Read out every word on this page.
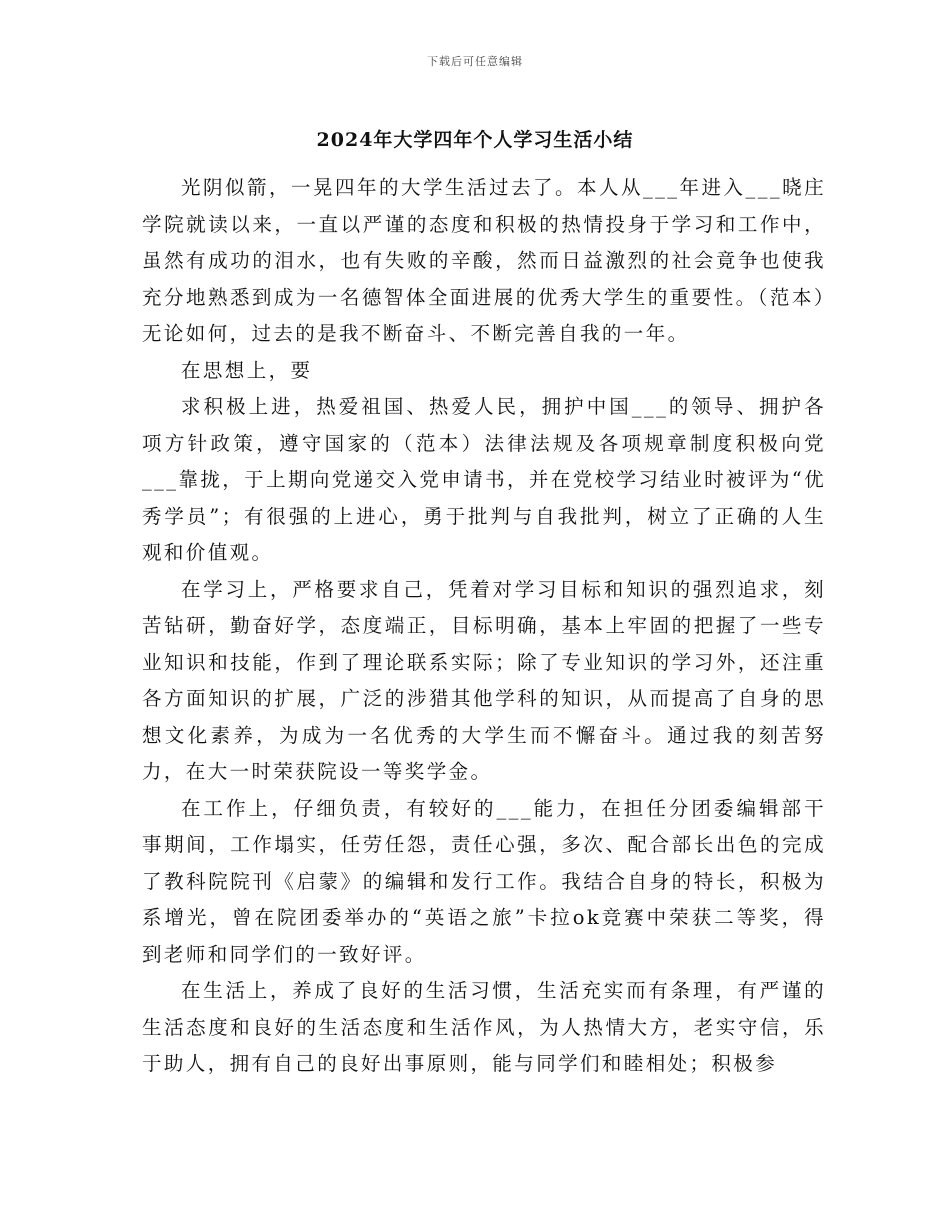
下载后可任意编辑
2024年大学四年个人学习生活小结

光阴似箭，一晃四年的大学生活过去了。本人从___年进入___晓庄学院就读以来，一直以严谨的态度和积极的热情投身于学习和工作中，虽然有成功的泪水，也有失败的辛酸，然而日益激烈的社会竟争也使我充分地熟悉到成为一名德智体全面进展的优秀大学生的重要性。（范本）无论如何，过去的是我不断奋斗、不断完善自我的一年。

在思想上，要

求积极上进，热爱祖国、热爱人民，拥护中国___的领导、拥护各项方针政策，遵守国家的（范本）法律法规及各项规章制度积极向党___靠拢，于上期向党递交入党申请书，并在党校学习结业时被评为“优秀学员”；有很强的上进心，勇于批判与自我批判，树立了正确的人生观和价值观。

在学习上，严格要求自己，凭着对学习目标和知识的强烈追求，刻苦钻研，勤奋好学，态度端正，目标明确，基本上牢固的把握了一些专业知识和技能，作到了理论联系实际；除了专业知识的学习外，还注重各方面知识的扩展，广泛的涉猎其他学科的知识，从而提高了自身的思想文化素养，为成为一名优秀的大学生而不懈奋斗。通过我的刻苦努力，在大一时荣获院设一等奖学金。

在工作上，仔细负责，有较好的___能力，在担任分团委编辑部干事期间，工作塌实，任劳任怨，责任心强，多次、配合部长出色的完成了教科院院刊《启蒙》的编辑和发行工作。我结合自身的特长，积极为系增光，曾在院团委举办的“英语之旅”卡拉ok竞赛中荣获二等奖，得到老师和同学们的一致好评。

在生活上，养成了良好的生活习惯，生活充实而有条理，有严谨的生活态度和良好的生活态度和生活作风，为人热情大方，老实守信，乐于助人，拥有自己的良好出事原则，能与同学们和睦相处；积极参
